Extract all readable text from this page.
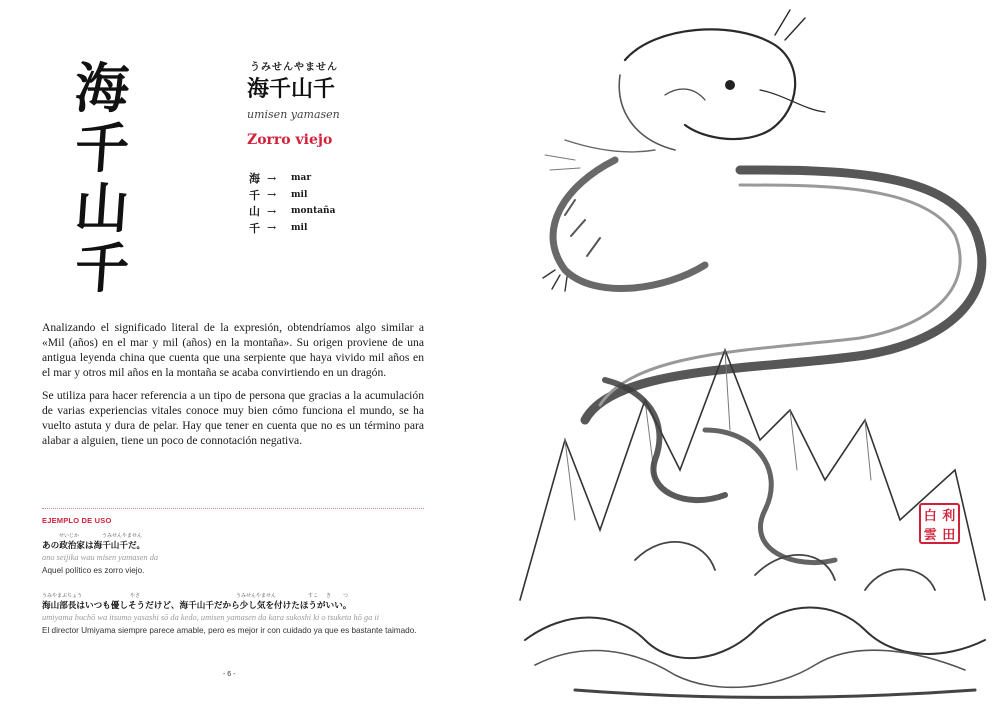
海
千
山
千
うみせんやません
海千山千
umisen yamasen
Zorro viejo
海 →	mar
千 →	mil
山 →	montaña
千 →	mil

Analizando el significado literal de la expresión, obtendríamos algo similar a «Mil (años) en el mar y mil (años) en la montaña». Su origen proviene de una antigua leyenda china que cuenta que una serpiente que haya vivido mil años en el mar y otros mil años en la montaña se acaba convirtiendo en un dragón.

Se utiliza para hacer referencia a un tipo de persona que gracias a la acumulación de varias experiencias vitales conoce muy bien cómo funciona el mundo, se ha vuelto astuta y dura de pelar. Hay que tener en cuenta que no es un término para alabar a alguien, tiene un poco de connotación negativa.

EJEMPLO DE USO
せいじか	うみせんやません
あの政治家は海千山千だ。
ano seijika wau misen yamasen da
Aquel político es zorro viejo.
うみやまぶちょう	やさ	うみせんやません	すこ き つ
海山部長はいつも優しそうだけど、海千山千だから少し気を付けたほうがいい。
umiyama buchō wa itsumo yasashi sō da kedo, umisen yamasen da kara sukoshi ki o tsuketa hō ga ii
El director Umiyama siempre parece amable, pero es mejor ir con cuidado ya que es bastante taimado.
- 6 -
白 利
雲 田
